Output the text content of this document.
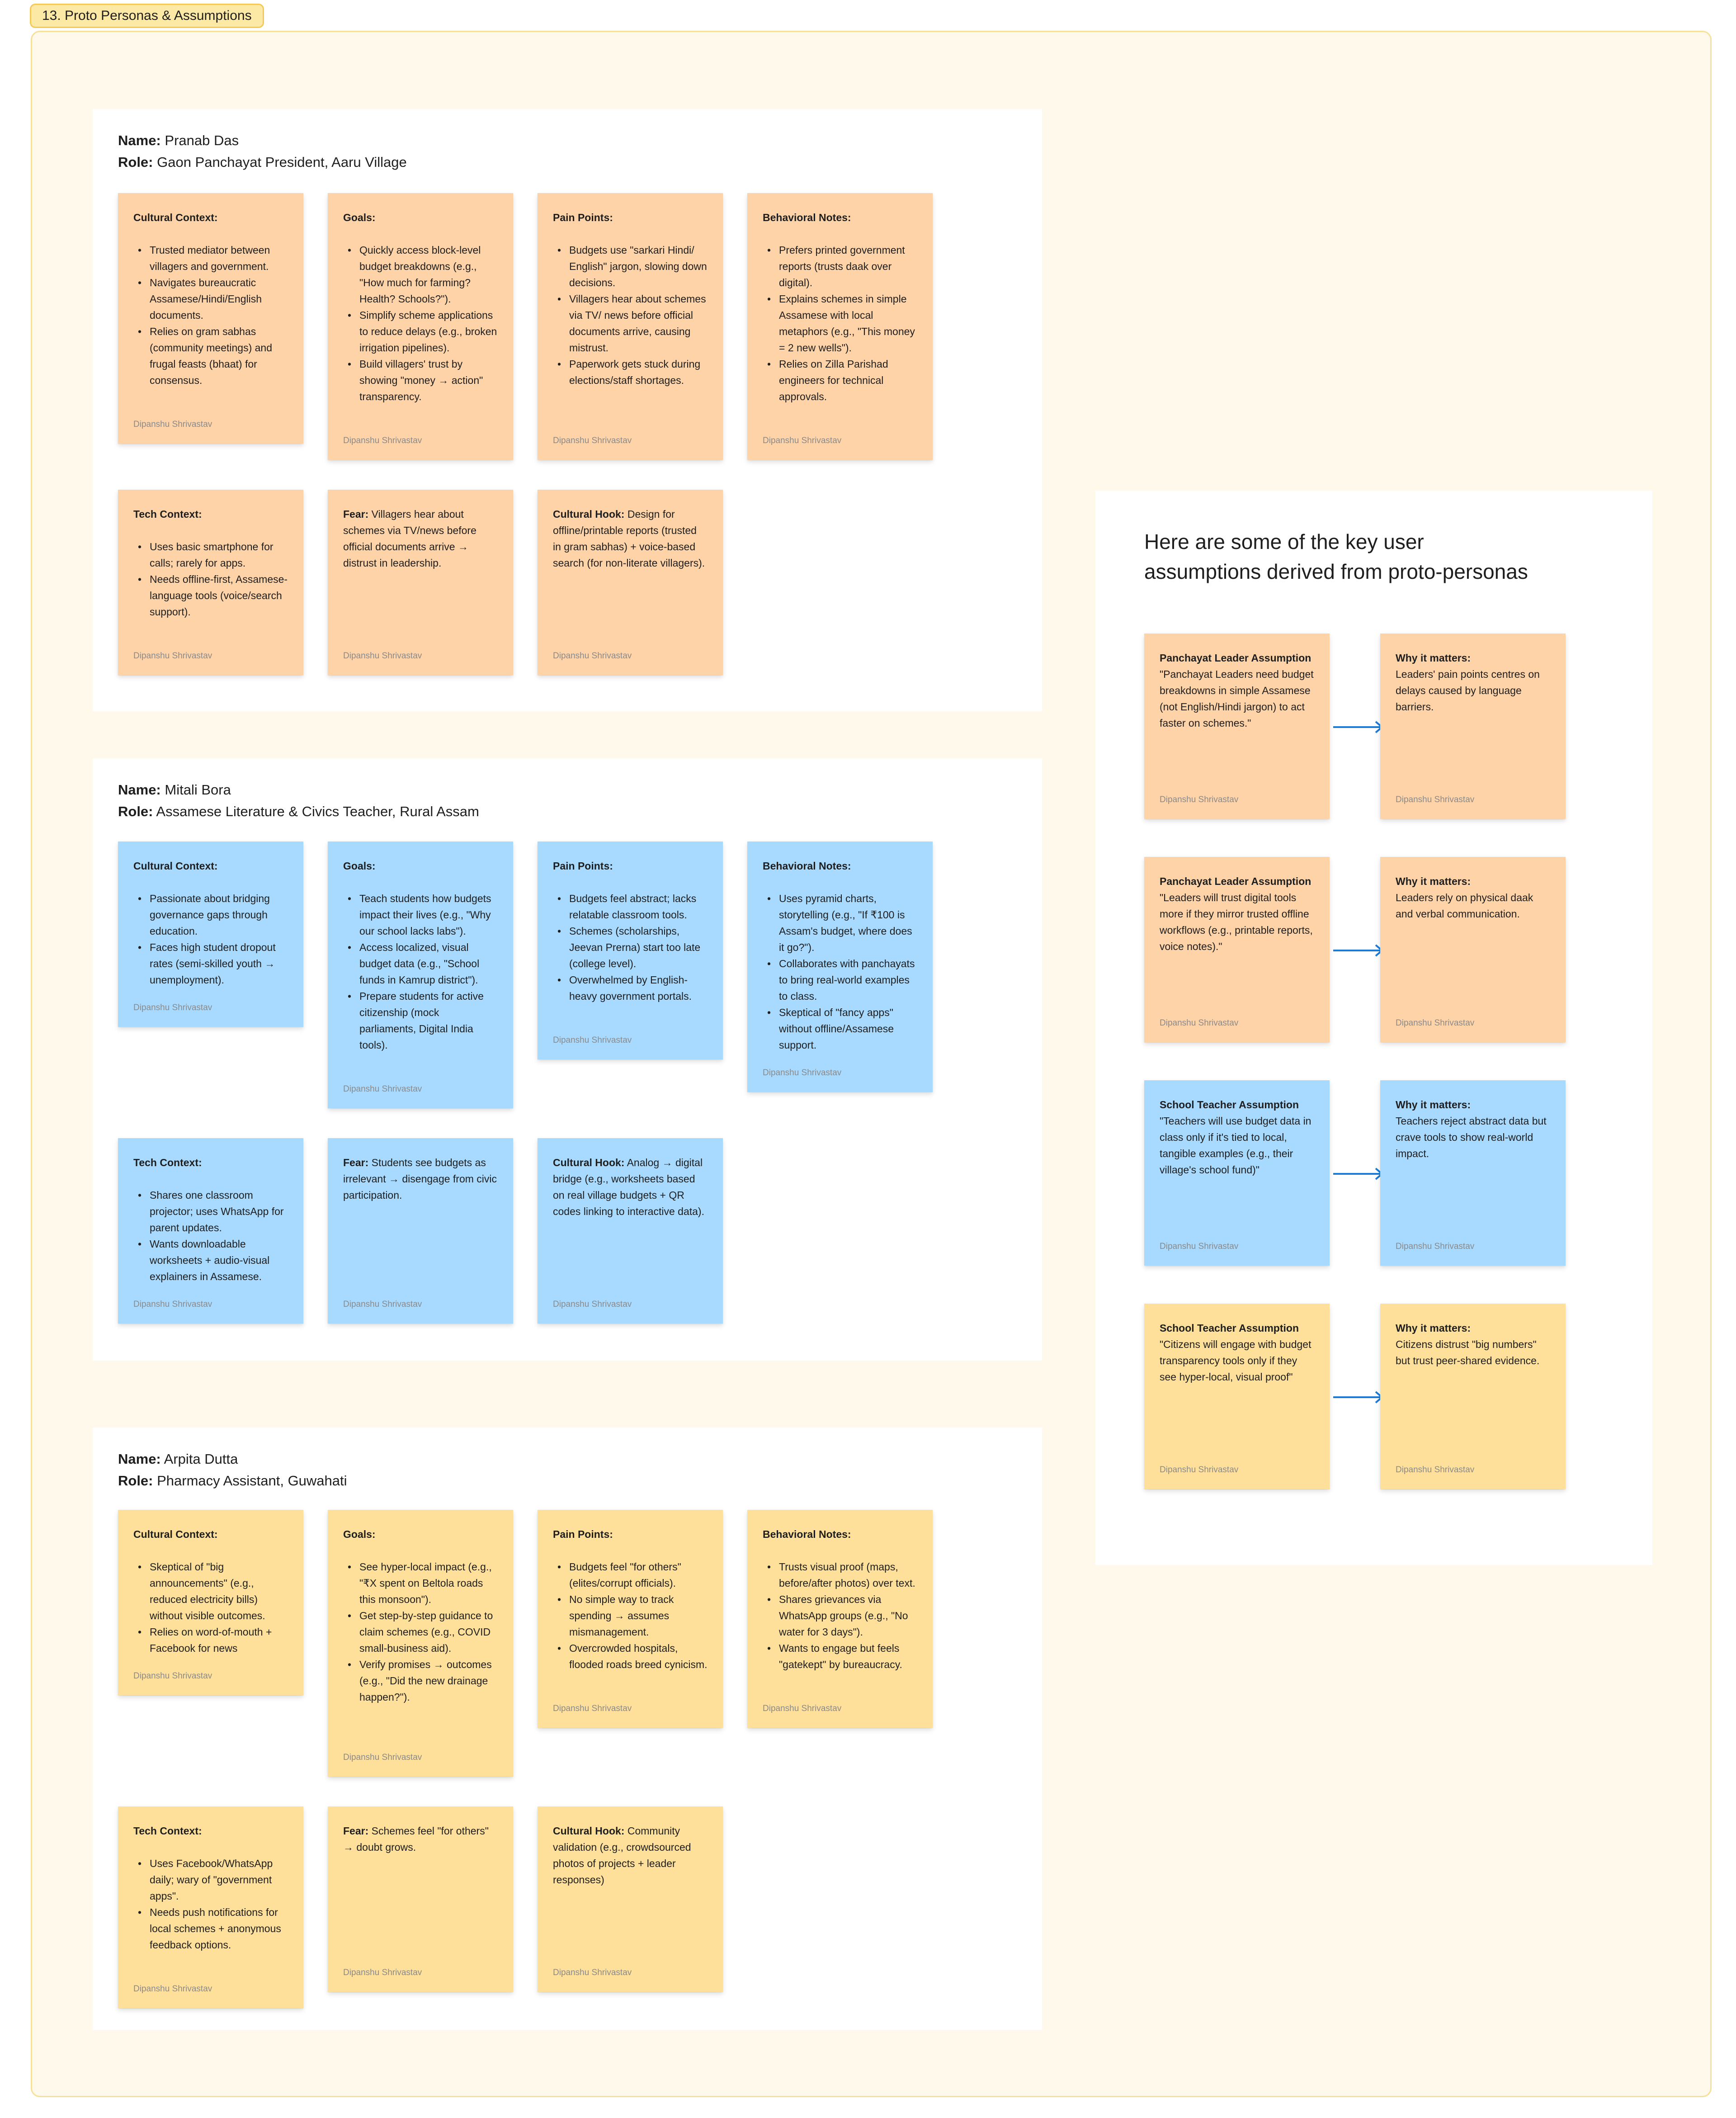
13. Proto Personas & Assumptions
Name: Pranab Das
Role: Gaon Panchayat President, Aaru Village
Cultural Context:
• Trusted mediator between villagers and government.
• Navigates bureaucratic Assamese/Hindi/English documents.
• Relies on gram sabhas (community meetings) and frugal feasts (bhaat) for consensus.
Dipanshu Shrivastav
Goals:
• Quickly access block-level budget breakdowns (e.g., "How much for farming? Health? Schools?").
• Simplify scheme applications to reduce delays (e.g., broken irrigation pipelines).
• Build villagers' trust by showing "money → action" transparency.
Dipanshu Shrivastav
Pain Points:
• Budgets use "sarkari Hindi/ English" jargon, slowing down decisions.
• Villagers hear about schemes via TV/ news before official documents arrive, causing mistrust.
• Paperwork gets stuck during elections/staff shortages.
Dipanshu Shrivastav
Behavioral Notes:
• Prefers printed government reports (trusts daak over digital).
• Explains schemes in simple Assamese with local metaphors (e.g., "This money = 2 new wells").
• Relies on Zilla Parishad engineers for technical approvals.
Dipanshu Shrivastav
Tech Context:
• Uses basic smartphone for calls; rarely for apps.
• Needs offline-first, Assamese-language tools (voice/search support).
Dipanshu Shrivastav
Fear: Villagers hear about schemes via TV/news before official documents arrive → distrust in leadership.
Dipanshu Shrivastav
Cultural Hook: Design for offline/printable reports (trusted in gram sabhas) + voice-based search (for non-literate villagers).
Dipanshu Shrivastav
Name: Mitali Bora
Role: Assamese Literature & Civics Teacher, Rural Assam
Cultural Context:
• Passionate about bridging governance gaps through education.
• Faces high student dropout rates (semi-skilled youth → unemployment).
Dipanshu Shrivastav
Goals:
• Teach students how budgets impact their lives (e.g., "Why our school lacks labs").
• Access localized, visual budget data (e.g., "School funds in Kamrup district").
• Prepare students for active citizenship (mock parliaments, Digital India tools).
Dipanshu Shrivastav
Pain Points:
• Budgets feel abstract; lacks relatable classroom tools.
• Schemes (scholarships, Jeevan Prerna) start too late (college level).
• Overwhelmed by English-heavy government portals.
Dipanshu Shrivastav
Behavioral Notes:
• Uses pyramid charts, storytelling (e.g., "If ₹100 is Assam's budget, where does it go?").
• Collaborates with panchayats to bring real-world examples to class.
• Skeptical of "fancy apps" without offline/Assamese support.
Dipanshu Shrivastav
Tech Context:
• Shares one classroom projector; uses WhatsApp for parent updates.
• Wants downloadable worksheets + audio-visual explainers in Assamese.
Dipanshu Shrivastav
Fear: Students see budgets as irrelevant → disengage from civic participation.
Dipanshu Shrivastav
Cultural Hook: Analog → digital bridge (e.g., worksheets based on real village budgets + QR codes linking to interactive data).
Dipanshu Shrivastav
Name: Arpita Dutta
Role: Pharmacy Assistant, Guwahati
Cultural Context:
• Skeptical of "big announcements" (e.g., reduced electricity bills) without visible outcomes.
• Relies on word-of-mouth + Facebook for news
Dipanshu Shrivastav
Goals:
• See hyper-local impact (e.g., "₹X spent on Beltola roads this monsoon").
• Get step-by-step guidance to claim schemes (e.g., COVID small-business aid).
• Verify promises → outcomes (e.g., "Did the new drainage happen?").
Dipanshu Shrivastav
Pain Points:
• Budgets feel "for others" (elites/corrupt officials).
• No simple way to track spending → assumes mismanagement.
• Overcrowded hospitals, flooded roads breed cynicism.
Dipanshu Shrivastav
Behavioral Notes:
• Trusts visual proof (maps, before/after photos) over text.
• Shares grievances via WhatsApp groups (e.g., "No water for 3 days").
• Wants to engage but feels "gatekept" by bureaucracy.
Dipanshu Shrivastav
Tech Context:
• Uses Facebook/WhatsApp daily; wary of "government apps".
• Needs push notifications for local schemes + anonymous feedback options.
Dipanshu Shrivastav
Fear: Schemes feel "for others" → doubt grows.
Dipanshu Shrivastav
Cultural Hook: Community validation (e.g., crowdsourced photos of projects + leader responses)
Dipanshu Shrivastav
Here are some of the key user
assumptions derived from proto-personas
Panchayat Leader Assumption
"Panchayat Leaders need budget breakdowns in simple Assamese (not English/Hindi jargon) to act faster on schemes."
Dipanshu Shrivastav
Why it matters:
Leaders' pain points centres on delays caused by language barriers.
Dipanshu Shrivastav
Panchayat Leader Assumption
"Leaders will trust digital tools more if they mirror trusted offline workflows (e.g., printable reports, voice notes)."
Dipanshu Shrivastav
Why it matters:
Leaders rely on physical daak and verbal communication.
Dipanshu Shrivastav
School Teacher Assumption
"Teachers will use budget data in class only if it's tied to local, tangible examples (e.g., their village's school fund)"
Dipanshu Shrivastav
Why it matters:
Teachers reject abstract data but crave tools to show real-world impact.
Dipanshu Shrivastav
School Teacher Assumption
"Citizens will engage with budget transparency tools only if they see hyper-local, visual proof"
Dipanshu Shrivastav
Why it matters:
Citizens distrust "big numbers" but trust peer-shared evidence.
Dipanshu Shrivastav
